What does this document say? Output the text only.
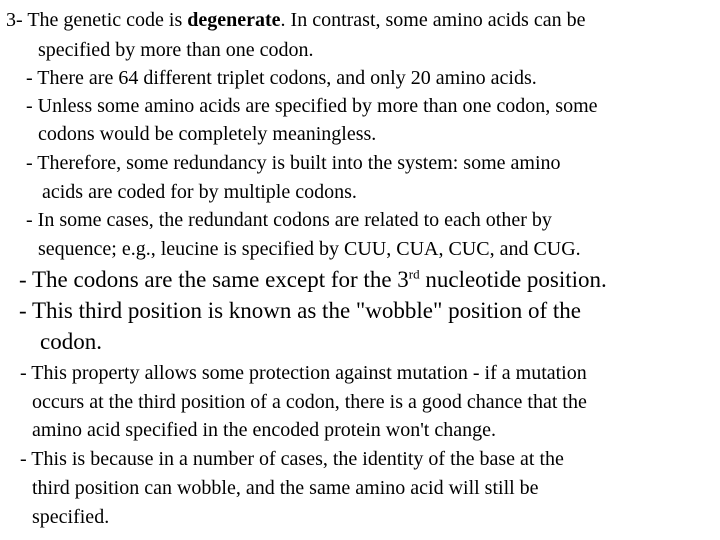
3- The genetic code is degenerate. In contrast, some amino acids can be
specified by more than one codon.
- There are 64 different triplet codons, and only 20 amino acids.
- Unless some amino acids are specified by more than one codon, some
codons would be completely meaningless.
- Therefore, some redundancy is built into the system: some amino
acids are coded for by multiple codons.
- In some cases, the redundant codons are related to each other by
sequence; e.g., leucine is specified by CUU, CUA, CUC, and CUG.
- The codons are the same except for the 3rd nucleotide position.
- This third position is known as the "wobble" position of the
codon.
- This property allows some protection against mutation - if a mutation
occurs at the third position of a codon, there is a good chance that the
amino acid specified in the encoded protein won't change.
- This is because in a number of cases, the identity of the base at the
third position can wobble, and the same amino acid will still be
specified.
